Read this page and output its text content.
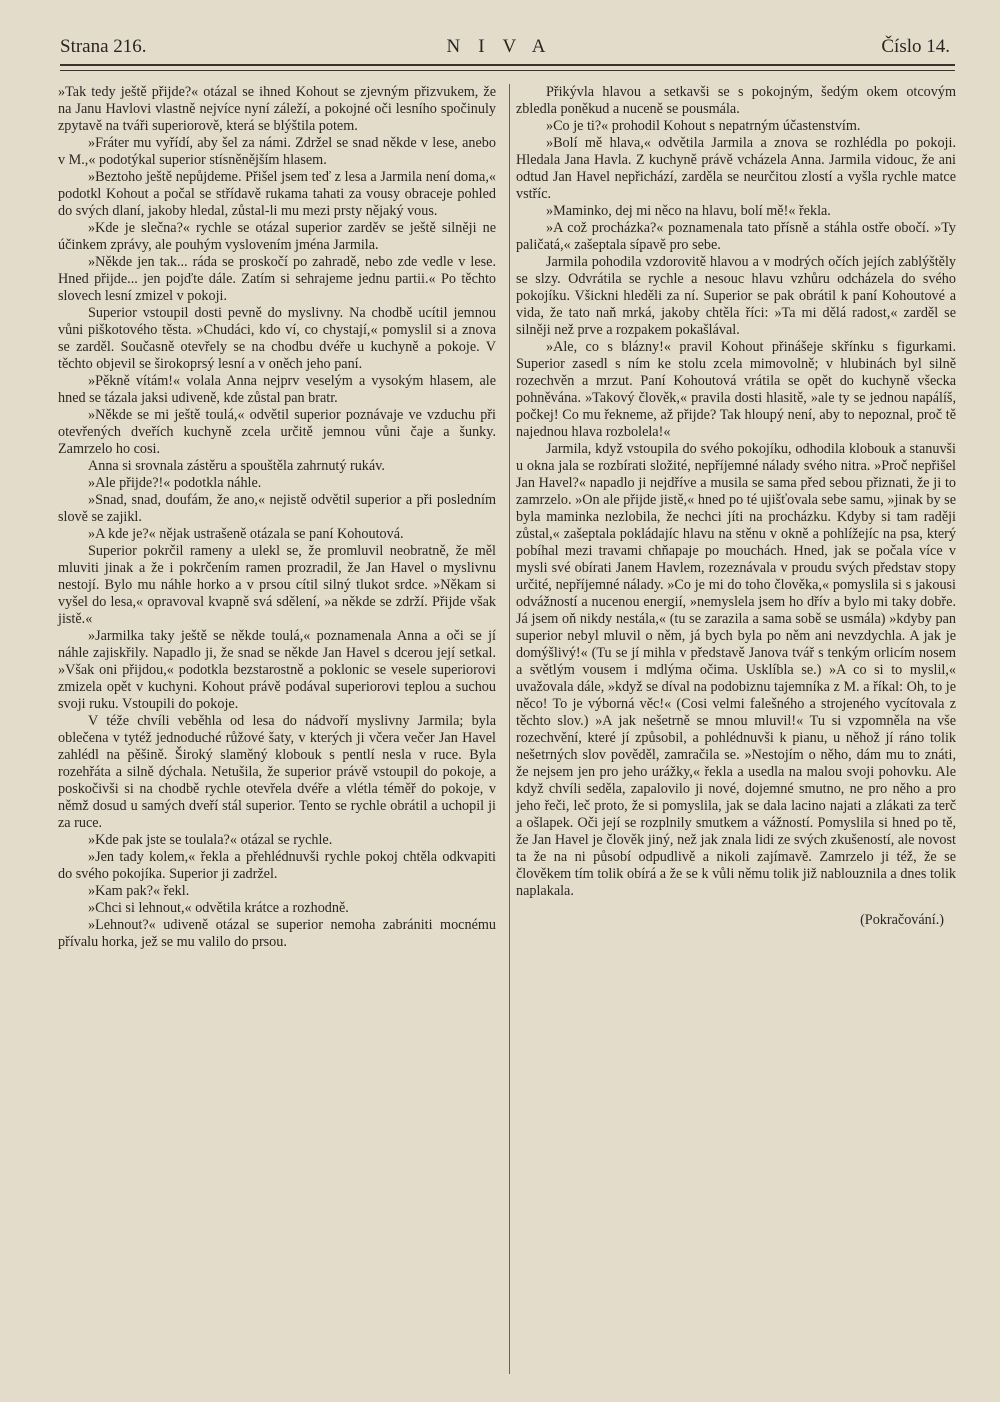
Strana 216.	NIVA	Číslo 14.

»Tak tedy ještě přijde?« otázal se ihned Kohout se zjevným přizvukem, že na Janu Havlovi vlastně nejvíce nyní záleží, a pokojné oči lesního spočinuly zpytavě na tváři superiorově, která se blýštila potem.

»Fráter mu vyřídí, aby šel za námi. Zdržel se snad někde v lese, anebo v M.,« podotýkal superior stísněnějším hlasem.

»Beztoho ještě nepůjdeme. Přišel jsem teď z lesa a Jarmila není doma,« podotkl Kohout a počal se střídavě rukama tahati za vousy obraceje pohled do svých dlaní, jakoby hledal, zůstal-li mu mezi prsty nějaký vous.

»Kde je slečna?« rychle se otázal superior zarděv se ještě silněji ne účinkem zprávy, ale pouhým vyslovením jména Jarmila.

»Někde jen tak... ráda se proskočí po zahradě, nebo zde vedle v lese. Hned přijde... jen pojďte dále. Zatím si sehrajeme jednu partii.« Po těchto slovech lesní zmizel v pokoji.

Superior vstoupil dosti pevně do myslivny. Na chodbě ucítil jemnou vůni piškotového těsta. »Chudáci, kdo ví, co chystají,« pomyslil si a znova se zarděl. Současně otevřely se na chodbu dvéře u kuchyně a pokoje. V těchto objevil se širokoprsý lesní a v oněch jeho paní.

»Pěkně vítám!« volala Anna nejprv veselým a vysokým hlasem, ale hned se tázala jaksi udiveně, kde zůstal pan bratr.

»Někde se mi ještě toulá,« odvětil superior poznávaje ve vzduchu při otevřených dveřích kuchyně zcela určitě jemnou vůni čaje a šunky. Zamrzelo ho cosi.

Anna si srovnala zástěru a spouštěla zahrnutý rukáv.

»Ale přijde?!« podotkla náhle.

»Snad, snad, doufám, že ano,« nejistě odvětil superior a při posledním slově se zajikl.

»A kde je?« nějak ustrašeně otázala se paní Kohoutová.

Superior pokrčil rameny a ulekl se, že promluvil neobratně, že měl mluviti jinak a že i pokrčením ramen prozradil, že Jan Havel o myslivnu nestojí. Bylo mu náhle horko a v prsou cítil silný tlukot srdce. »Někam si vyšel do lesa,« opravoval kvapně svá sdělení, »a někde se zdrží. Přijde však jistě.«

»Jarmilka taky ještě se někde toulá,« poznamenala Anna a oči se jí náhle zajiskřily. Napadlo ji, že snad se někde Jan Havel s dcerou její setkal. »Však oni přijdou,« podotkla bezstarostně a poklonic se vesele superiorovi zmizela opět v kuchyni. Kohout právě podával superiorovi teplou a suchou svoji ruku. Vstoupili do pokoje.

V téže chvíli veběhla od lesa do nádvoří myslivny Jarmila; byla oblečena v tytéž jednoduché růžové šaty, v kterých ji včera večer Jan Havel zahlédl na pěšině. Široký slaměný klobouk s pentlí nesla v ruce. Byla rozehřáta a silně dýchala. Netušila, že superior právě vstoupil do pokoje, a poskočivši si na chodbě rychle otevřela dvéře a vlétla téměř do pokoje, v němž dosud u samých dveří stál superior. Tento se rychle obrátil a uchopil ji za ruce.

»Kde pak jste se toulala?« otázal se rychle.

»Jen tady kolem,« řekla a přehlédnuvši rychle pokoj chtěla odkvapiti do svého pokojíka. Superior ji zadržel.

»Kam pak?« řekl.

»Chci si lehnout,« odvětila krátce a rozhodně.

»Lehnout?« udiveně otázal se superior nemoha zabrániti mocnému přívalu horka, jež se mu valilo do prsou.

Přikývla hlavou a setkavši se s pokojným, šedým okem otcovým zbledla poněkud a nuceně se pousmála.

»Co je ti?« prohodil Kohout s nepatrným účastenstvím.

»Bolí mě hlava,« odvětila Jarmila a znova se rozhlédla po pokoji. Hledala Jana Havla. Z kuchyně právě vcházela Anna. Jarmila vidouc, že ani odtud Jan Havel nepřichází, zarděla se neurčitou zlostí a vyšla rychle matce vstříc.

»Maminko, dej mi něco na hlavu, bolí mě!« řekla.

»A což procházka?« poznamenala tato přísně a stáhla ostře obočí. »Ty paličatá,« zašeptala sípavě pro sebe.

Jarmila pohodila vzdorovitě hlavou a v modrých očích jejích zablýštěly se slzy. Odvrátila se rychle a nesouc hlavu vzhůru odcházela do svého pokojíku. Všickni hleděli za ní. Superior se pak obrátil k paní Kohoutové a vida, že tato naň mrká, jakoby chtěla říci: »Ta mi dělá radost,« zarděl se silněji než prve a rozpakem pokašlával.

»Ale, co s blázny!« pravil Kohout přinášeje skřínku s figurkami. Superior zasedl s ním ke stolu zcela mimovolně; v hlubinách byl silně rozechvěn a mrzut. Paní Kohoutová vrátila se opět do kuchyně všecka pohněvána. »Takový člověk,« pravila dosti hlasitě, »ale ty se jednou napálíš, počkej! Co mu řekneme, až přijde? Tak hloupý není, aby to nepoznal, proč tě najednou hlava rozbolela!«

Jarmila, když vstoupila do svého pokojíku, odhodila klobouk a stanuvši u okna jala se rozbírati složité, nepříjemné nálady svého nitra. »Proč nepřišel Jan Havel?« napadlo ji nejdříve a musila se sama před sebou přiznati, že ji to zamrzelo. »On ale přijde jistě,« hned po té ujišťovala sebe samu, »jinak by se byla maminka nezlobila, že nechci jíti na procházku. Kdyby si tam raději zůstal,« zašeptala pokládajíc hlavu na stěnu v okně a pohlížejíc na psa, který pobíhal mezi travami chňapaje po mouchách. Hned, jak se počala více v mysli své obírati Janem Havlem, rozeznávala v proudu svých představ stopy určité, nepříjemné nálady. »Co je mi do toho člověka,« pomyslila si s jakousi odvážností a nucenou energií, »nemyslela jsem ho dřív a bylo mi taky dobře. Já jsem oň nikdy nestála,« (tu se zarazila a sama sobě se usmála) »kdyby pan superior nebyl mluvil o něm, já bych byla po něm ani nevzdychla. A jak je domýšlivý!« (Tu se jí mihla v představě Janova tvář s tenkým orlicím nosem a světlým vousem i mdlýma očima. Usklíbla se.) »A co si to myslil,« uvažovala dále, »když se díval na podobiznu tajemníka z M. a říkal: Oh, to je něco! To je výborná věc!« (Cosi velmi falešného a strojeného vycítovala z těchto slov.) »A jak nešetrně se mnou mluvil!« Tu si vzpomněla na vše rozechvění, které jí způsobil, a pohlédnuvši k pianu, u něhož jí ráno tolik nešetrných slov pověděl, zamračila se. »Nestojím o něho, dám mu to znáti, že nejsem jen pro jeho urážky,« řekla a usedla na malou svoji pohovku. Ale když chvíli seděla, zapalovilo ji nové, dojemné smutno, ne pro něho a pro jeho řeči, leč proto, že si pomyslila, jak se dala lacino najati a zlákati za terč a ošlapek. Oči její se rozplnily smutkem a vážností. Pomyslila si hned po tě, že Jan Havel je člověk jiný, než jak znala lidi ze svých zkušeností, ale novost ta že na ni působí odpudlivě a nikoli zajímavě. Zamrzelo ji též, že se člověkem tím tolik obírá a že se k vůli němu tolik již nablouznila a dnes tolik naplakala.

(Pokračování.)
